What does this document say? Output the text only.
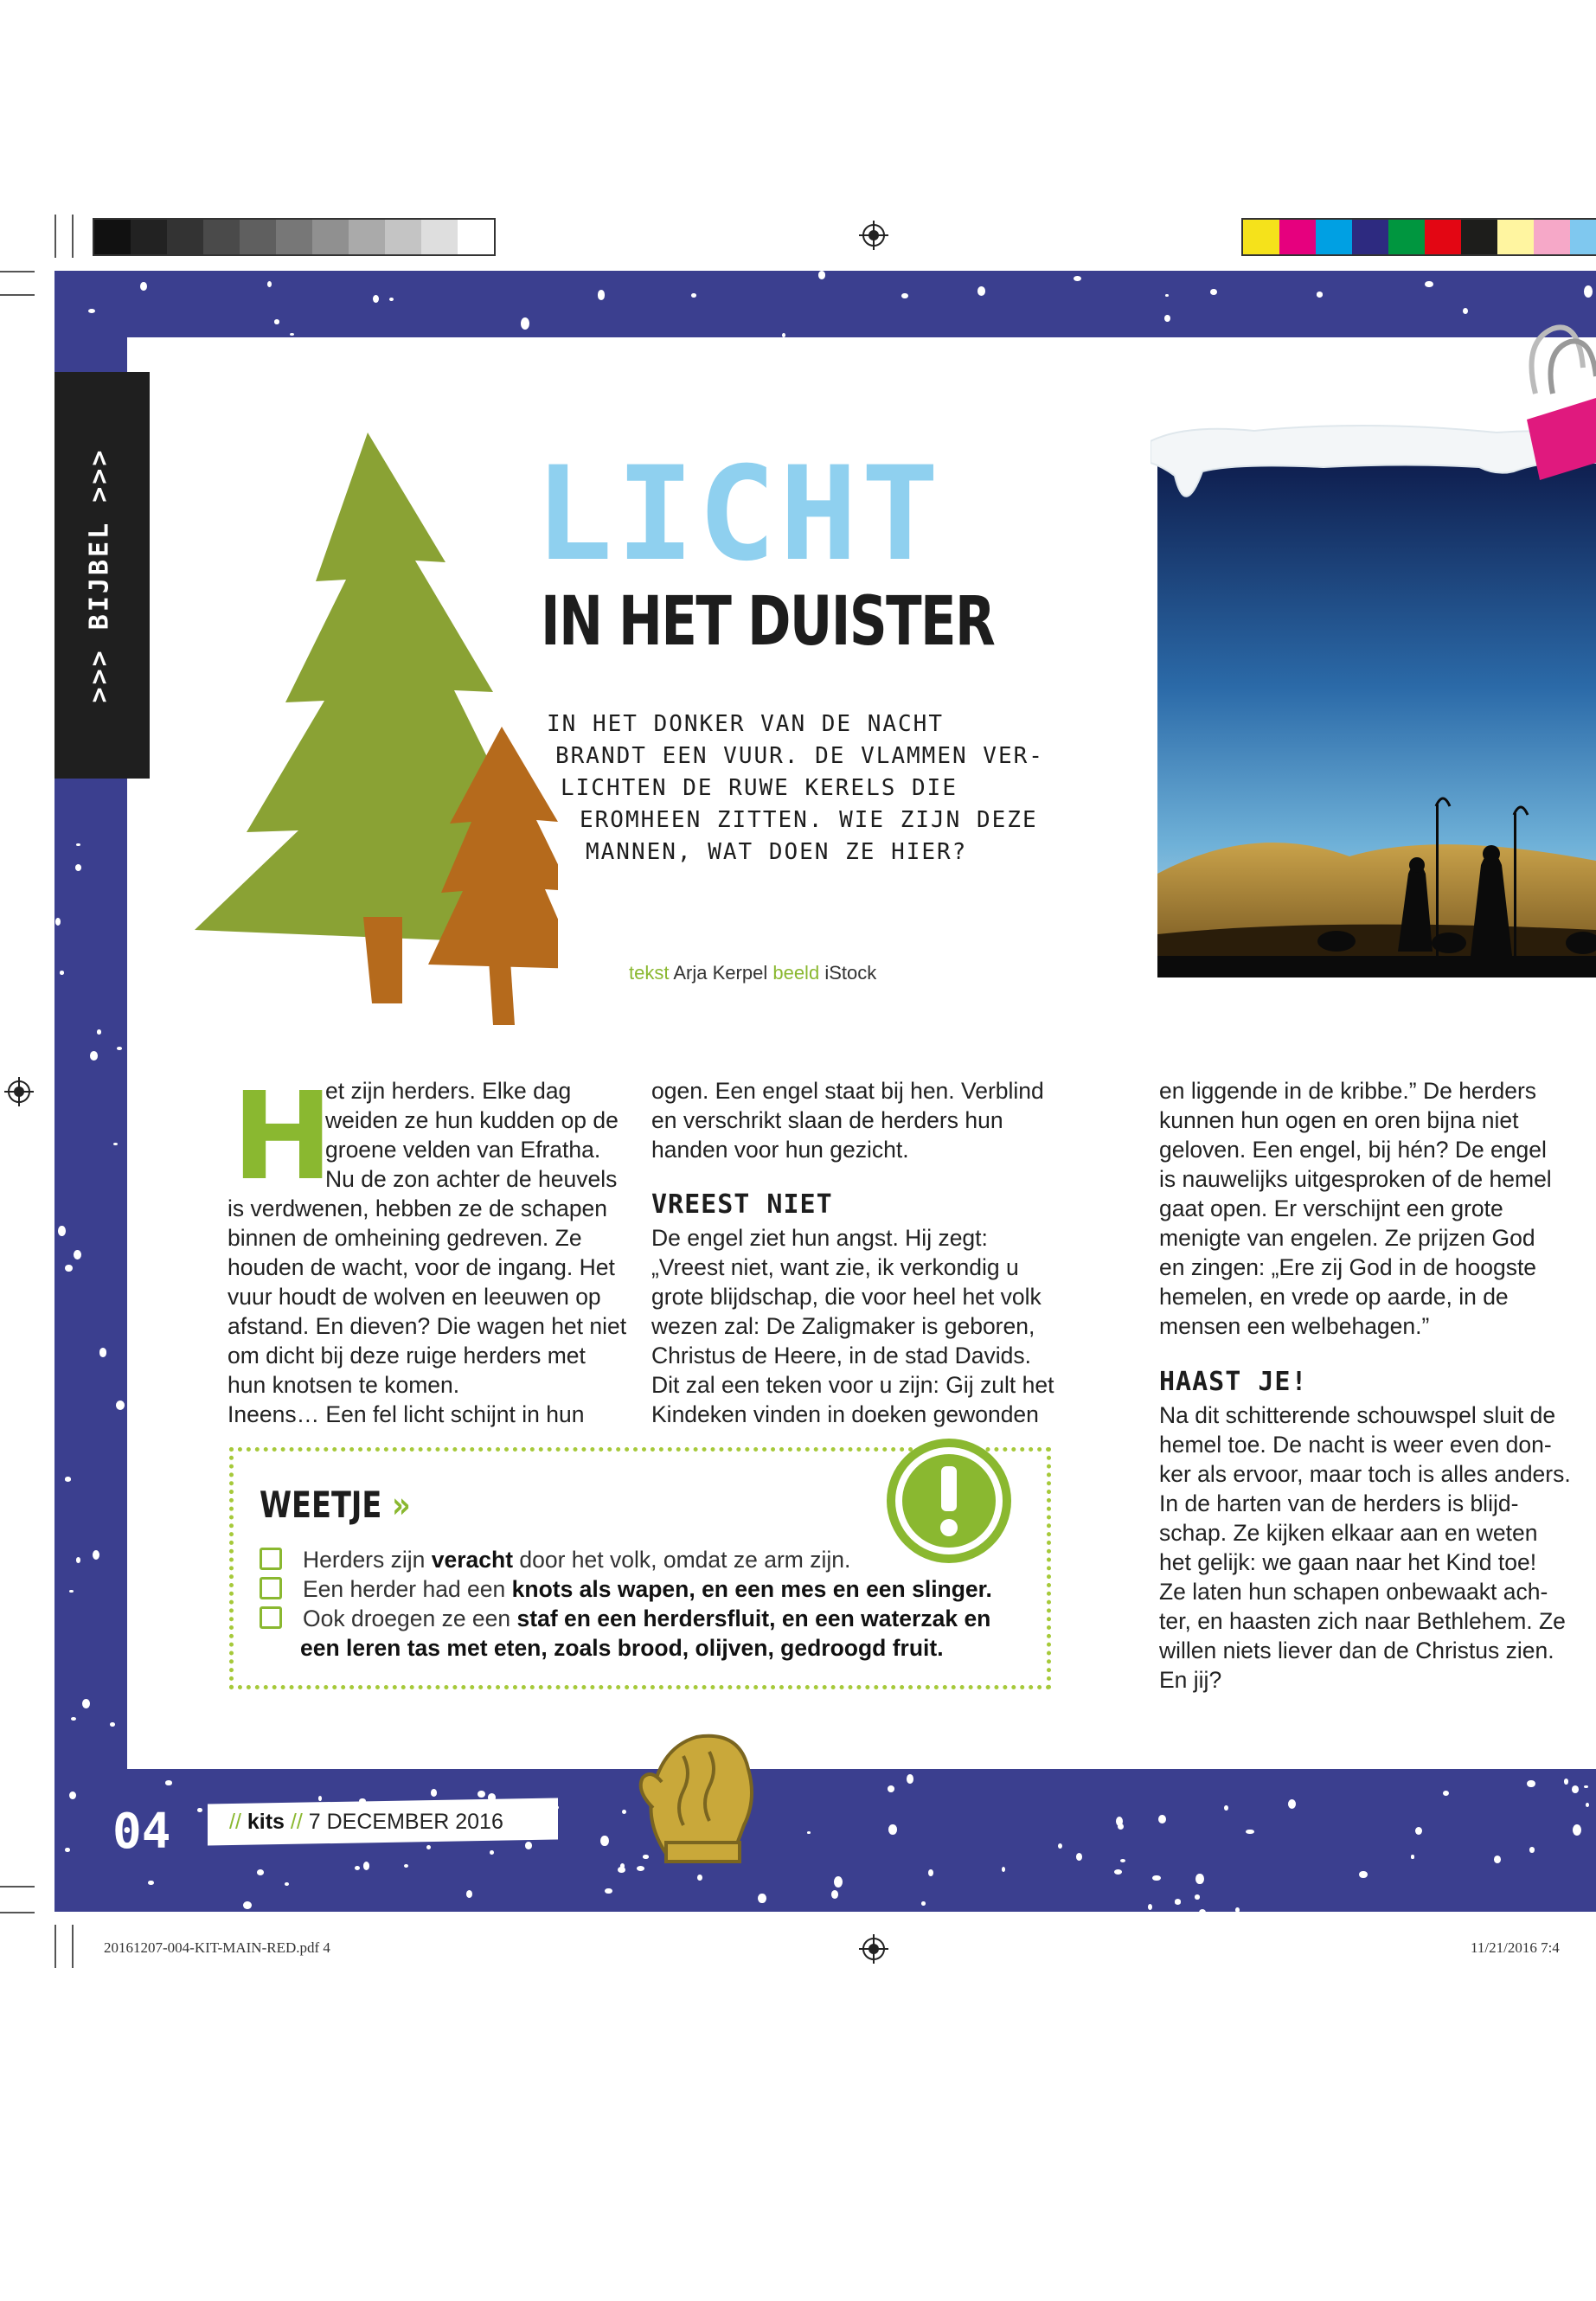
>>> BIJBEL >>>	LICHT
IN HET DUISTER
IN HET DONKER VAN DE NACHT
BRANDT EEN VUUR. DE VLAMMEN VER-
LICHTEN DE RUWE KERELS DIE
EROMHEEN ZITTEN. WIE ZIJN DEZE
MANNEN, WAT DOEN ZE HIER?
tekst Arja Kerpel beeld iStock
H

et zijn herders. Elke dag

weiden ze hun kudden op de

groene velden van Efratha.

Nu de zon achter de heuvels

is verdwenen, hebben ze de schapen

binnen de omheining gedreven. Ze

houden de wacht, voor de ingang. Het

vuur houdt de wolven en leeuwen op

afstand. En dieven? Die wagen het niet

om dicht bij deze ruige herders met

hun knotsen te komen.

Ineens… Een fel licht schijnt in hun

ogen. Een engel staat bij hen. Verblind

en verschrikt slaan de herders hun

handen voor hun gezicht.

VREEST NIET

De engel ziet hun angst. Hij zegt:

„Vreest niet, want zie, ik verkondig u

grote blijdschap, die voor heel het volk

wezen zal: De Zaligmaker is geboren,

Christus de Heere, in de stad Davids.

Dit zal een teken voor u zijn: Gij zult het

Kindeken vinden in doeken gewonden

en liggende in de kribbe.” De herders

kunnen hun ogen en oren bijna niet

geloven. Een engel, bij hén? De engel

is nauwelijks uitgesproken of de hemel

gaat open. Er verschijnt een grote

menigte van engelen. Ze prijzen God

en zingen: „Ere zij God in de hoogste

hemelen, en vrede op aarde, in de

mensen een welbehagen.”

HAAST JE!

Na dit schitterende schouwspel sluit de

hemel toe. De nacht is weer even don-

ker als ervoor, maar toch is alles anders.

In de harten van de herders is blijd-

schap. Ze kijken elkaar aan en weten

het gelijk: we gaan naar het Kind toe!

Ze laten hun schapen onbewaakt ach-

ter, en haasten zich naar Bethlehem. Ze

willen niets liever dan de Christus zien.

En jij?

WEETJE »
Herders zijn veracht door het volk, omdat ze arm zijn.
Een herder had een knots als wapen, en een mes en een slinger.
Ook droegen ze een staf en een herdersfluit, en een waterzak en
een leren tas met eten, zoals brood, olijven, gedroogd fruit.
04	// kits // 7 DECEMBER 2016
20161207-004-KIT-MAIN-RED.pdf 4	11/21/2016 7:4
